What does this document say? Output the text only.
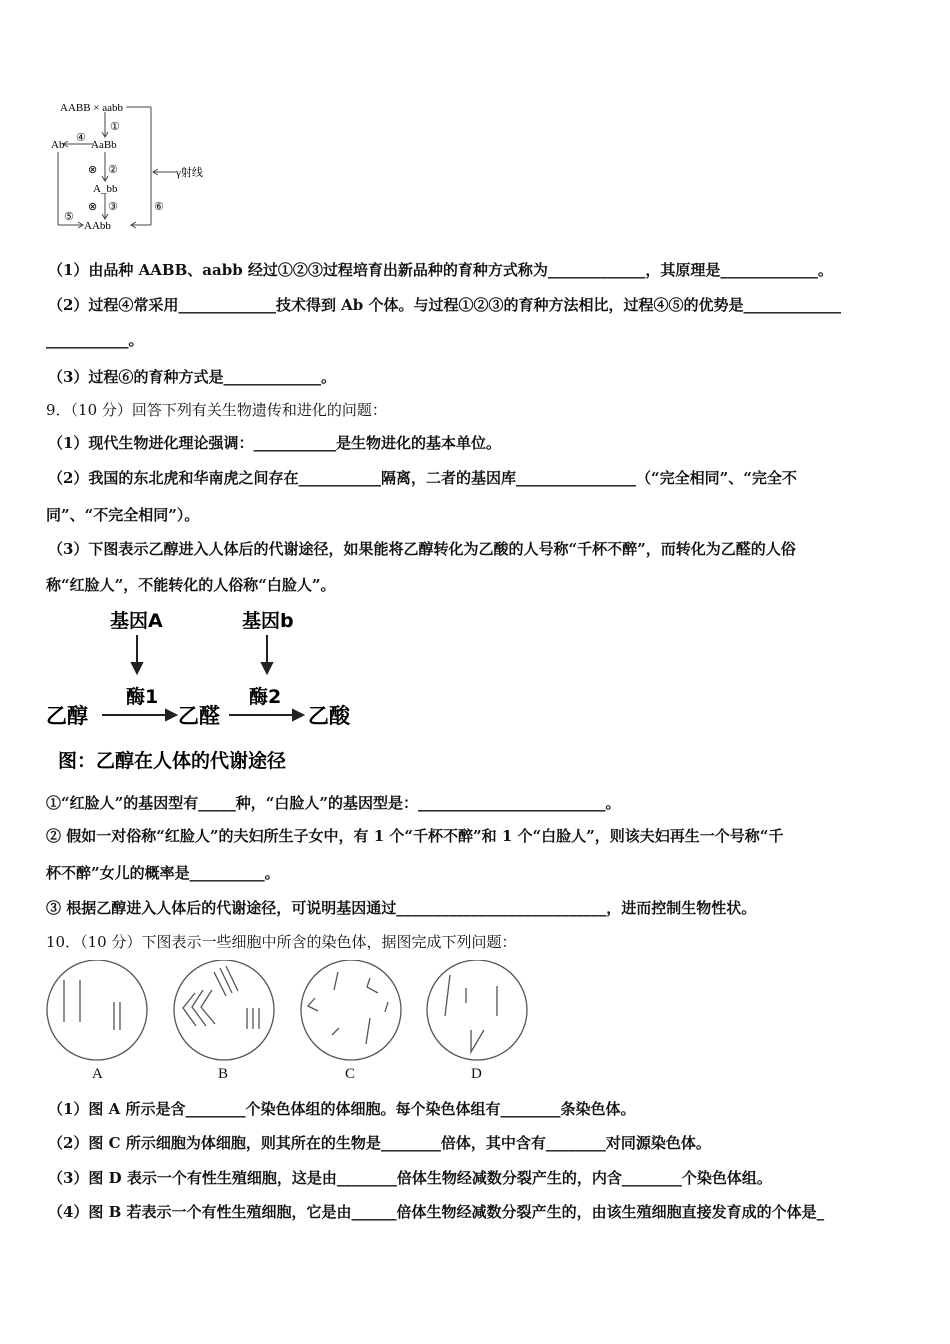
AABB × aabb
①
AaBb
④
Ab
⊗ ②
A_bb
⊗ ③
⑤
AAbb
⑥
γ射线
（1）由品种 AABB、aabb 经过①②③过程培育出新品种的育种方式称为_____________，其原理是_____________。
（2）过程④常采用_____________技术得到 Ab 个体。与过程①②③的育种方法相比，过程④⑤的优势是_____________
___________。
（3）过程⑥的育种方式是_____________。
9．（10 分）回答下列有关生物遗传和进化的问题：
（1）现代生物进化理论强调：___________是生物进化的基本单位。
（2）我国的东北虎和华南虎之间存在___________隔离，二者的基因库________________（“完全相同”、“完全不
同”、“不完全相同”）。
（3）下图表示乙醇进入人体后的代谢途径，如果能将乙醇转化为乙酸的人号称“千杯不醉”，而转化为乙醛的人俗
称“红脸人”，不能转化的人俗称“白脸人”。
基因A	基因b
酶1	酶2
乙醇	乙醛	乙酸
图：乙醇在人体的代谢途径
①“红脸人”的基因型有_____种，“白脸人”的基因型是：_________________________。
② 假如一对俗称“红脸人”的夫妇所生子女中，有 1 个“千杯不醉”和 1 个“白脸人”，则该夫妇再生一个号称“千
杯不醉”女儿的概率是__________。
③ 根据乙醇进入人体后的代谢途径，可说明基因通过____________________________，进而控制生物性状。
10．（10 分）下图表示一些细胞中所含的染色体，据图完成下列问题：
A	B	C	D
（1）图 A 所示是含________个染色体组的体细胞。每个染色体组有________条染色体。
（2）图 C 所示细胞为体细胞，则其所在的生物是________倍体，其中含有________对同源染色体。
（3）图 D 表示一个有性生殖细胞，这是由________倍体生物经减数分裂产生的，内含________个染色体组。
（4）图 B 若表示一个有性生殖细胞，它是由______倍体生物经减数分裂产生的，由该生殖细胞直接发育成的个体是_
